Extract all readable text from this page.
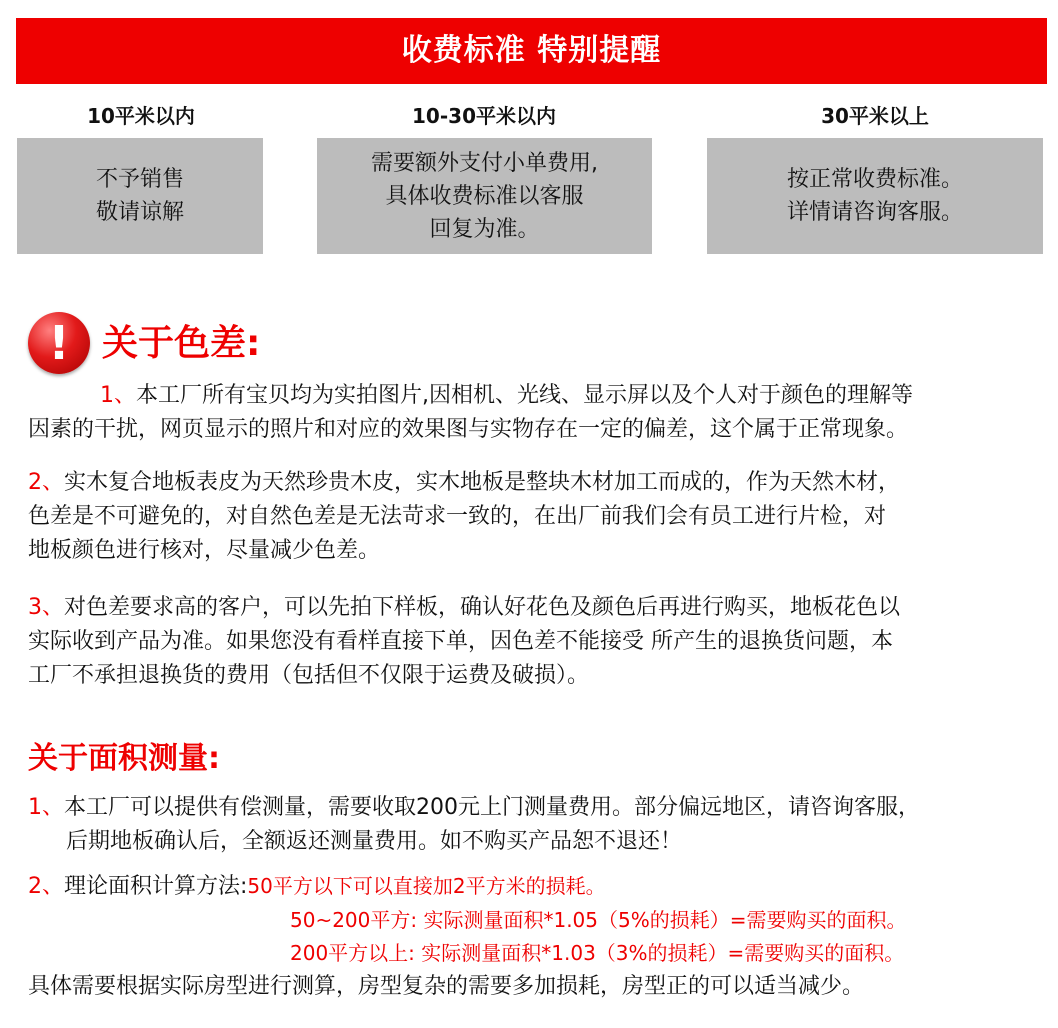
收费标准 特别提醒
10平米以内	10-30平米以内	30平米以上
不予销售
敬请谅解
需要额外支付小单费用,
具体收费标准以客服
回复为准。
按正常收费标准。
详情请咨询客服。
! 关于色差:
1、本工厂所有宝贝均为实拍图片,因相机、光线、显示屏以及个人对于颜色的理解等
因素的干扰，网页显示的照片和对应的效果图与实物存在一定的偏差，这个属于正常现象。
2、实木复合地板表皮为天然珍贵木皮，实木地板是整块木材加工而成的，作为天然木材，
色差是不可避免的，对自然色差是无法苛求一致的，在出厂前我们会有员工进行片检，对
地板颜色进行核对，尽量减少色差。
3、对色差要求高的客户，可以先拍下样板，确认好花色及颜色后再进行购买，地板花色以
实际收到产品为准。如果您没有看样直接下单，因色差不能接受 所产生的退换货问题，本
工厂不承担退换货的费用（包括但不仅限于运费及破损）。
关于面积测量:
1、本工厂可以提供有偿测量，需要收取200元上门测量费用。部分偏远地区，请咨询客服，
后期地板确认后，全额返还测量费用。如不购买产品恕不退还！
2、理论面积计算方法:50平方以下可以直接加2平方米的损耗。
50~200平方: 实际测量面积*1.05（5%的损耗）=需要购买的面积。
200平方以上: 实际测量面积*1.03（3%的损耗）=需要购买的面积。
具体需要根据实际房型进行测算，房型复杂的需要多加损耗，房型正的可以适当减少。
